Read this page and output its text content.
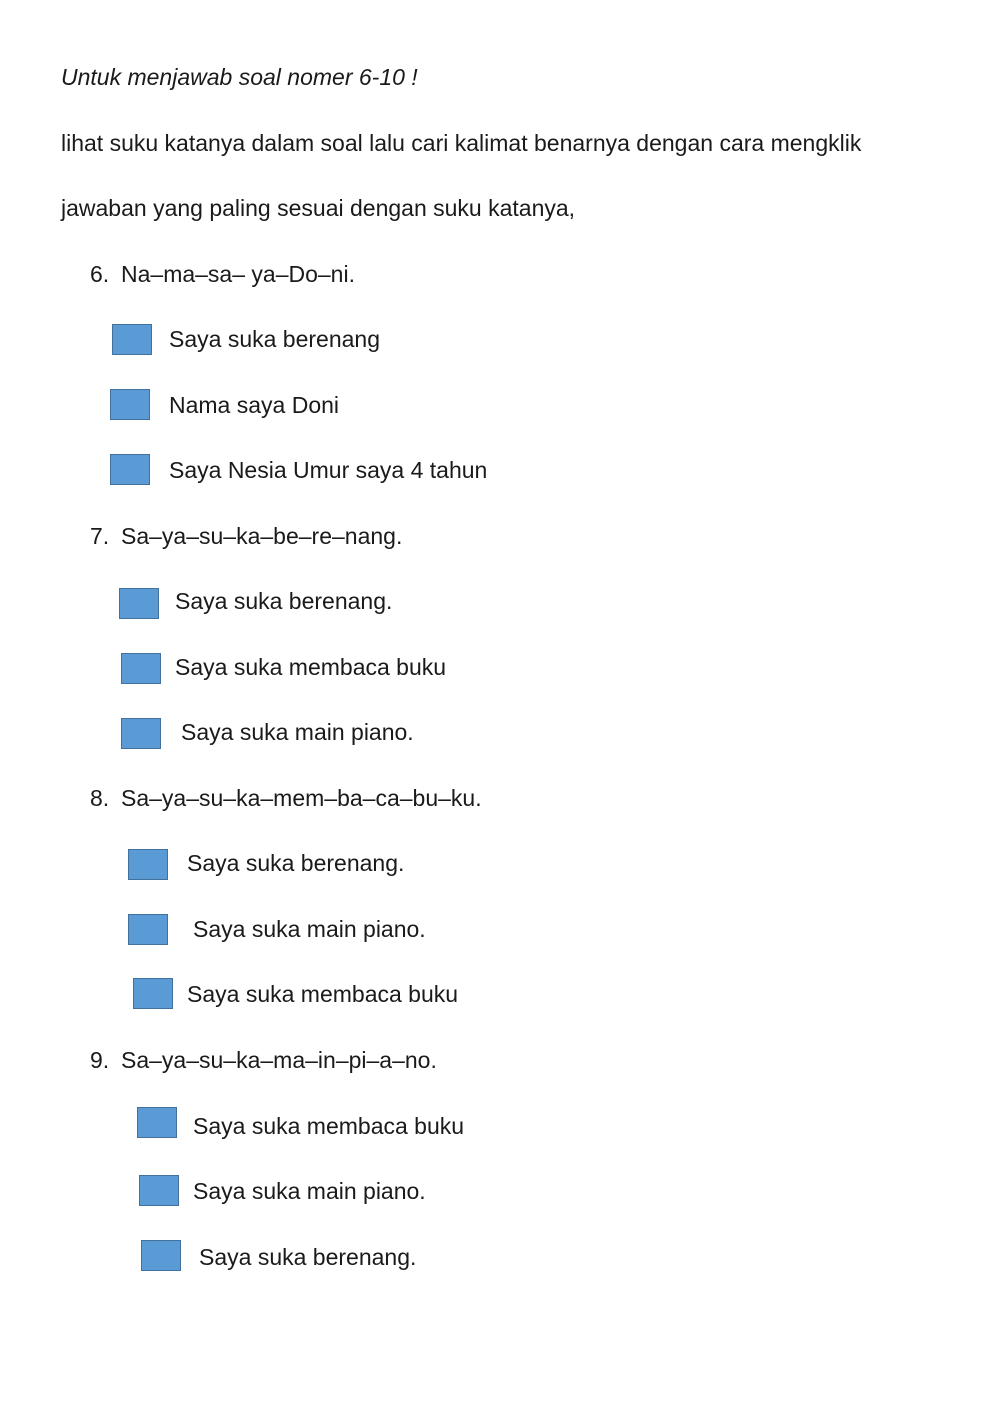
Untuk menjawab soal nomer 6-10 !
lihat suku katanya dalam soal lalu cari kalimat benarnya dengan cara mengklik
jawaban yang paling sesuai dengan suku katanya,
6. Na–ma–sa– ya–Do–ni.
Saya suka berenang
Nama saya Doni
Saya Nesia Umur saya 4 tahun
7. Sa–ya–su–ka–be–re–nang.
Saya suka berenang.
Saya suka membaca buku
Saya suka main piano.
8. Sa–ya–su–ka–mem–ba–ca–bu–ku.
Saya suka berenang.
Saya suka main piano.
Saya suka membaca buku
9. Sa–ya–su–ka–ma–in–pi–a–no.
Saya suka membaca buku
Saya suka main piano.
Saya suka berenang.
